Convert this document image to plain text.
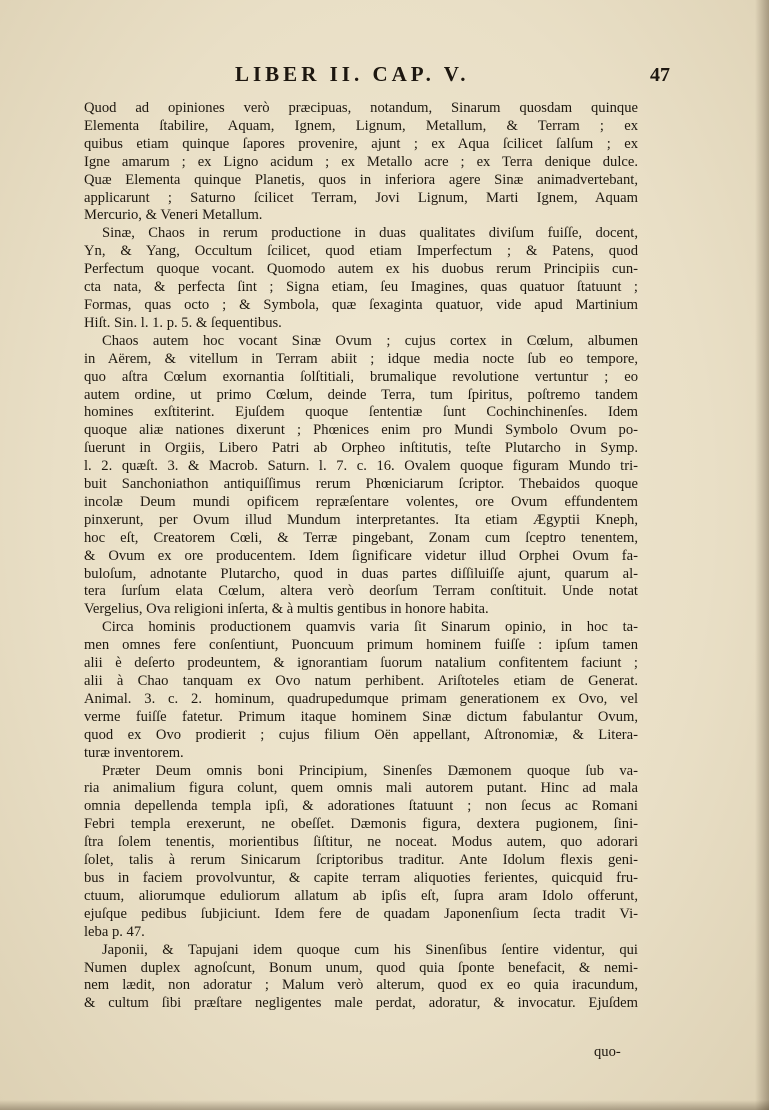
LIBER II. CAP. V.	47
Quod ad opiniones verò præcipuas, notandum, Sinarum quosdam quinque
Elementa ſtabilire, Aquam, Ignem, Lignum, Metallum, & Terram ; ex
quibus etiam quinque ſapores provenire, ajunt ; ex Aqua ſcilicet ſalſum ; ex
Igne amarum ; ex Ligno acidum ; ex Metallo acre ; ex Terra denique dulce.
Quæ Elementa quinque Planetis, quos in inferiora agere Sinæ animadvertebant,
applicarunt ; Saturno ſcilicet Terram, Jovi Lignum, Marti Ignem, Aquam
Mercurio, & Veneri Metallum.
Sinæ, Chaos in rerum productione in duas qualitates diviſum fuiſſe, docent,
Yn, & Yang, Occultum ſcilicet, quod etiam Imperfectum ; & Patens, quod
Perfectum quoque vocant. Quomodo autem ex his duobus rerum Principiis cun-
cta nata, & perfecta ſint ; Signa etiam, ſeu Imagines, quas quatuor ſtatuunt ;
Formas, quas octo ; & Symbola, quæ ſexaginta quatuor, vide apud Martinium
Hiſt. Sin. l. 1. p. 5. & ſequentibus.
Chaos autem hoc vocant Sinæ Ovum ; cujus cortex in Cœlum, albumen
in Aërem, & vitellum in Terram abiit ; idque media nocte ſub eo tempore,
quo aſtra Cœlum exornantia ſolſtitiali, brumalique revolutione vertuntur ; eo
autem ordine, ut primo Cœlum, deinde Terra, tum ſpiritus, poſtremo tandem
homines exſtiterint. Ejuſdem quoque ſententiæ ſunt Cochinchinenſes. Idem
quoque aliæ nationes dixerunt ; Phœnices enim pro Mundi Symbolo Ovum po-
ſuerunt in Orgiis, Libero Patri ab Orpheo inſtitutis, teſte Plutarcho in Symp.
l. 2. quæſt. 3. & Macrob. Saturn. l. 7. c. 16. Ovalem quoque figuram Mundo tri-
buit Sanchoniathon antiquiſſimus rerum Phœniciarum ſcriptor. Thebaidos quoque
incolæ Deum mundi opificem repræſentare volentes, ore Ovum effundentem
pinxerunt, per Ovum illud Mundum interpretantes. Ita etiam Ægyptii Kneph,
hoc eſt, Creatorem Cœli, & Terræ pingebant, Zonam cum ſceptro tenentem,
& Ovum ex ore producentem. Idem ſignificare videtur illud Orphei Ovum fa-
buloſum, adnotante Plutarcho, quod in duas partes diſſiluiſſe ajunt, quarum al-
tera ſurſum elata Cœlum, altera verò deorſum Terram conſtituit. Unde notat
Vergelius, Ova religioni inſerta, & à multis gentibus in honore habita.
Circa hominis productionem quamvis varia ſit Sinarum opinio, in hoc ta-
men omnes fere conſentiunt, Puoncuum primum hominem fuiſſe : ipſum tamen
alii è deſerto prodeuntem, & ignorantiam ſuorum natalium confitentem faciunt ;
alii à Chao tanquam ex Ovo natum perhibent. Ariſtoteles etiam de Generat.
Animal. 3. c. 2. hominum, quadrupedumque primam generationem ex Ovo, vel
verme fuiſſe fatetur. Primum itaque hominem Sinæ dictum fabulantur Ovum,
quod ex Ovo prodierit ; cujus filium Oën appellant, Aſtronomiæ, & Litera-
turæ inventorem.
Præter Deum omnis boni Principium, Sinenſes Dæmonem quoque ſub va-
ria animalium figura colunt, quem omnis mali autorem putant. Hinc ad mala
omnia depellenda templa ipſi, & adorationes ſtatuunt ; non ſecus ac Romani
Febri templa erexerunt, ne obeſſet. Dæmonis figura, dextera pugionem, ſini-
ſtra ſolem tenentis, morientibus ſiſtitur, ne noceat. Modus autem, quo adorari
ſolet, talis à rerum Sinicarum ſcriptoribus traditur. Ante Idolum flexis geni-
bus in faciem provolvuntur, & capite terram aliquoties ferientes, quicquid fru-
ctuum, aliorumque eduliorum allatum ab ipſis eſt, ſupra aram Idolo offerunt,
ejuſque pedibus ſubjiciunt. Idem fere de quadam Japonenſium ſecta tradit Vi-
leba p. 47.
Japonii, & Tapujani idem quoque cum his Sinenſibus ſentire videntur, qui
Numen duplex agnoſcunt, Bonum unum, quod quia ſponte benefacit, & nemi-
nem lædit, non adoratur ; Malum verò alterum, quod ex eo quia iracundum,
& cultum ſibi præſtare negligentes male perdat, adoratur, & invocatur. Ejuſdem
quo-
